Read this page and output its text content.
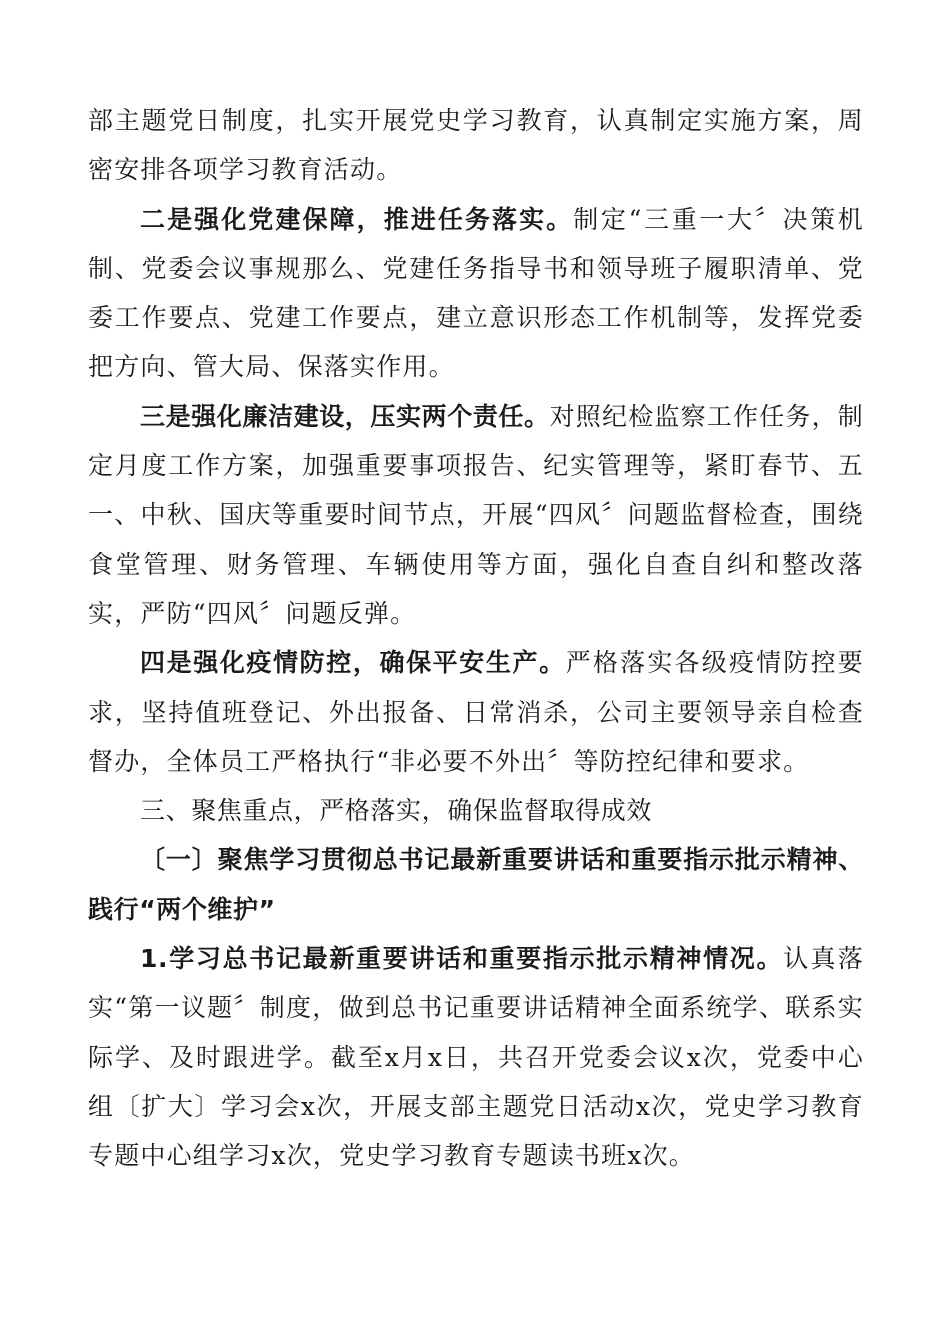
部主题党日制度，扎实开展党史学习教育，认真制定实施方案，周密安排各项学习教育活动。

二是强化党建保障，推进任务落实。制定“三重一大〞决策机制、党委会议事规那么、党建任务指导书和领导班子履职清单、党委工作要点、党建工作要点，建立意识形态工作机制等，发挥党委把方向、管大局、保落实作用。

三是强化廉洁建设，压实两个责任。对照纪检监察工作任务，制定月度工作方案，加强重要事项报告、纪实管理等，紧盯春节、五一、中秋、国庆等重要时间节点，开展“四风〞问题监督检查，围绕食堂管理、财务管理、车辆使用等方面，强化自查自纠和整改落实，严防“四风〞问题反弹。

四是强化疫情防控，确保平安生产。严格落实各级疫情防控要求，坚持值班登记、外出报备、日常消杀，公司主要领导亲自检查督办，全体员工严格执行“非必要不外出〞等防控纪律和要求。

三、聚焦重点，严格落实，确保监督取得成效

〔一〕聚焦学习贯彻总书记最新重要讲话和重要指示批示精神、践行“两个维护”

1.学习总书记最新重要讲话和重要指示批示精神情况。认真落实“第一议题〞制度，做到总书记重要讲话精神全面系统学、联系实际学、及时跟进学。截至x月x日，共召开党委会议x次，党委中心组〔扩大〕学习会x次，开展支部主题党日活动x次，党史学习教育专题中心组学习x次，党史学习教育专题读书班x次。
